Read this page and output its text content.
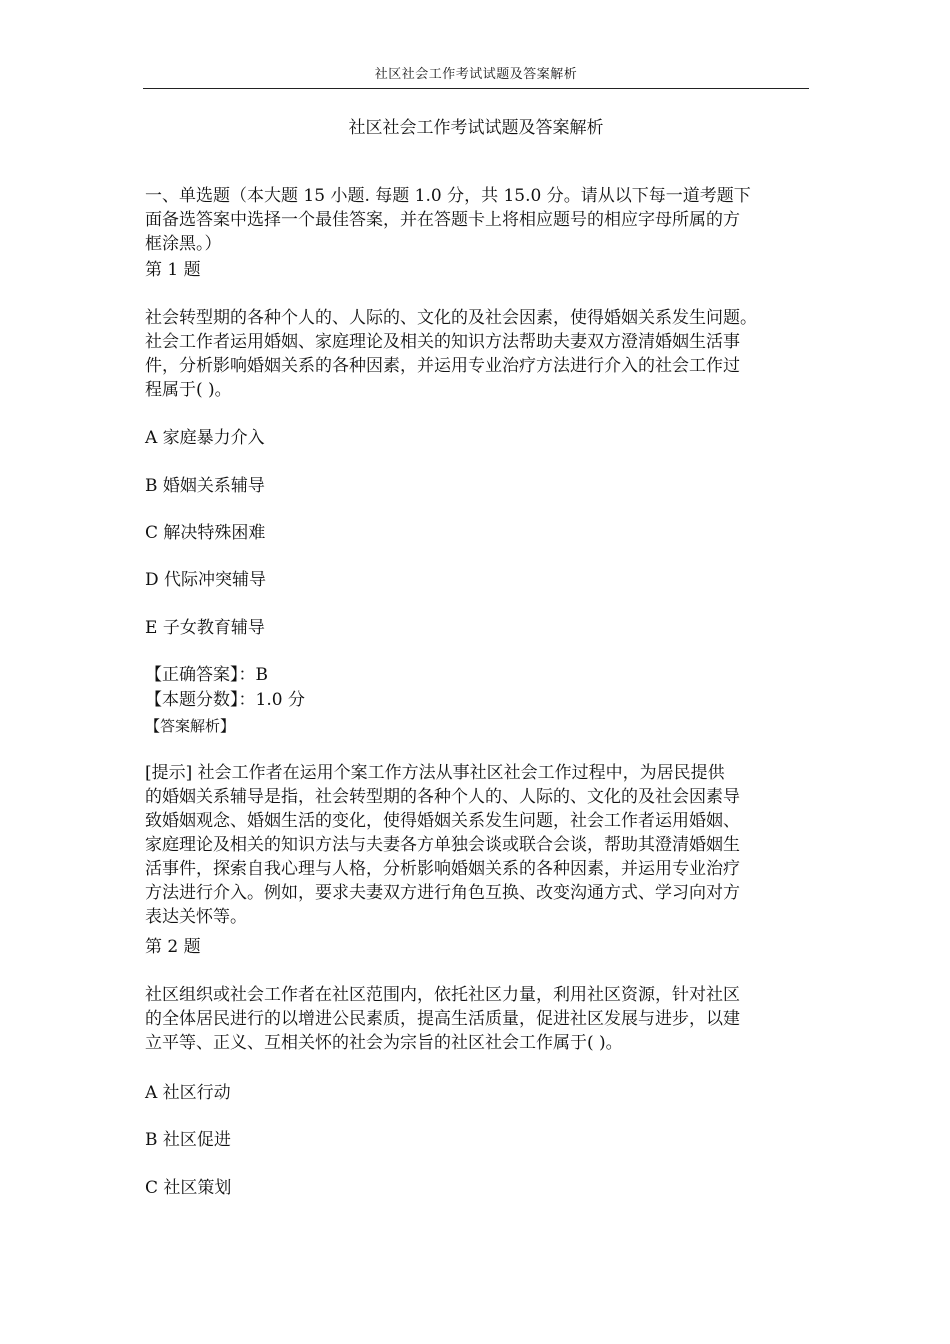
社区社会工作考试试题及答案解析
社区社会工作考试试题及答案解析
一、单选题（本大题 15 小题. 每题 1.0 分，共 15.0 分。请从以下每一道考题下
面备选答案中选择一个最佳答案，并在答题卡上将相应题号的相应字母所属的方
框涂黑。）
第 1 题
社会转型期的各种个人的、人际的、文化的及社会因素，使得婚姻关系发生问题。
社会工作者运用婚姻、家庭理论及相关的知识方法帮助夫妻双方澄清婚姻生活事
件，分析影响婚姻关系的各种因素，并运用专业治疗方法进行介入的社会工作过
程属于( )。
A 家庭暴力介入
B 婚姻关系辅导
C 解决特殊困难
D 代际冲突辅导
E 子女教育辅导
【正确答案】：B
【本题分数】：1.0 分
【答案解析】
[提示] 社会工作者在运用个案工作方法从事社区社会工作过程中，为居民提供
的婚姻关系辅导是指，社会转型期的各种个人的、人际的、文化的及社会因素导
致婚姻观念、婚姻生活的变化，使得婚姻关系发生问题，社会工作者运用婚姻、
家庭理论及相关的知识方法与夫妻各方单独会谈或联合会谈，帮助其澄清婚姻生
活事件，探索自我心理与人格，分析影响婚姻关系的各种因素，并运用专业治疗
方法进行介入。例如，要求夫妻双方进行角色互换、改变沟通方式、学习向对方
表达关怀等。
第 2 题
社区组织或社会工作者在社区范围内，依托社区力量，利用社区资源，针对社区
的全体居民进行的以增进公民素质，提高生活质量，促进社区发展与进步，以建
立平等、正义、互相关怀的社会为宗旨的社区社会工作属于( )。
A 社区行动
B 社区促进
C 社区策划
